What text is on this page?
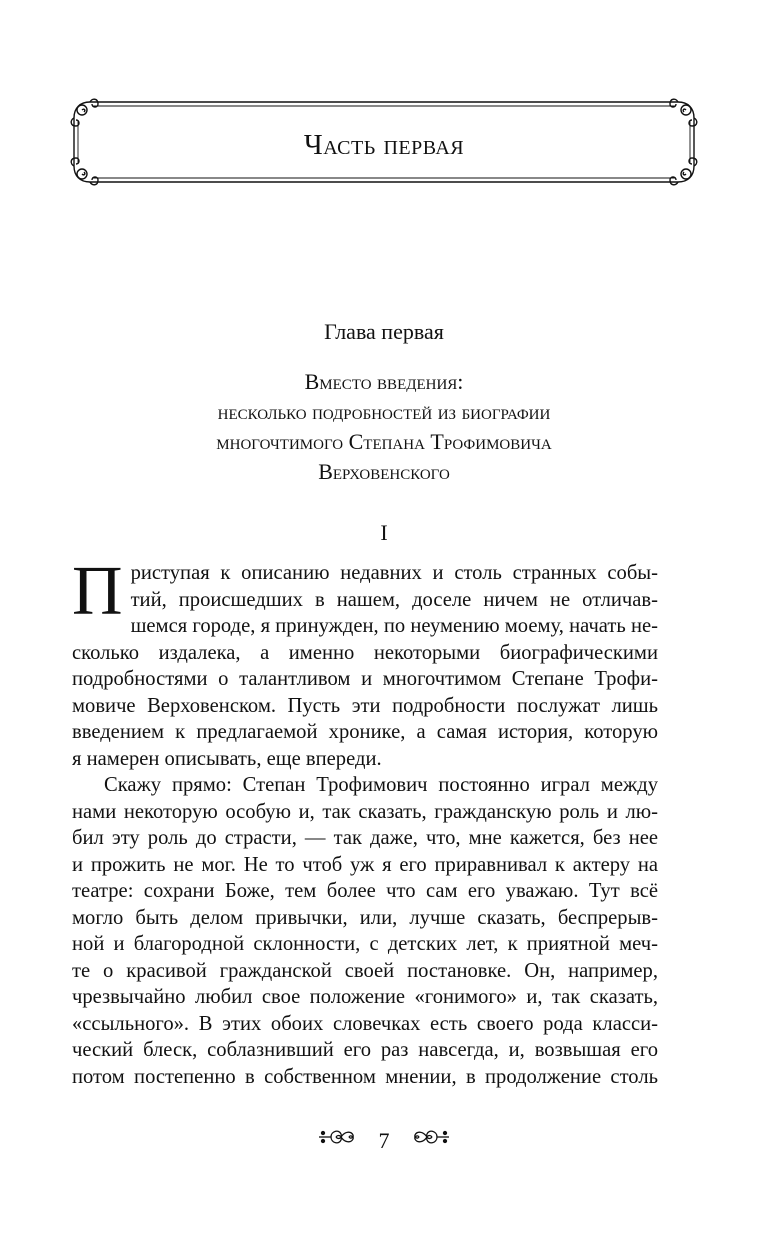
Часть первая
Глава первая
Вместо введения:
несколько подробностей из биографии
многочтимого Степана Трофимовича
Верховенского
I
П риступая к описанию недавних и столь странных собы-
тий, происшедших в нашем, доселе ничем не отличав-
шемся городе, я принужден, по неумению моему, начать не-
сколько издалека, а именно некоторыми биографическими
подробностями о талантливом и многочтимом Степане Трофи-
мовиче Верховенском. Пусть эти подробности послужат лишь
введением к предлагаемой хронике, а самая история, которую
я намерен описывать, еще впереди.
Скажу прямо: Степан Трофимович постоянно играл между
нами некоторую особую и, так сказать, гражданскую роль и лю-
бил эту роль до страсти, — так даже, что, мне кажется, без нее
и прожить не мог. Не то чтоб уж я его приравнивал к актеру на
театре: сохрани Боже, тем более что сам его уважаю. Тут всё
могло быть делом привычки, или, лучше сказать, беспрерыв-
ной и благородной склонности, с детских лет, к приятной меч-
те о красивой гражданской своей постановке. Он, например,
чрезвычайно любил свое положение «гонимого» и, так сказать,
«ссыльного». В этих обоих словечках есть своего рода класси-
ческий блеск, соблазнивший его раз навсегда, и, возвышая его
потом постепенно в собственном мнении, в продолжение столь
7
